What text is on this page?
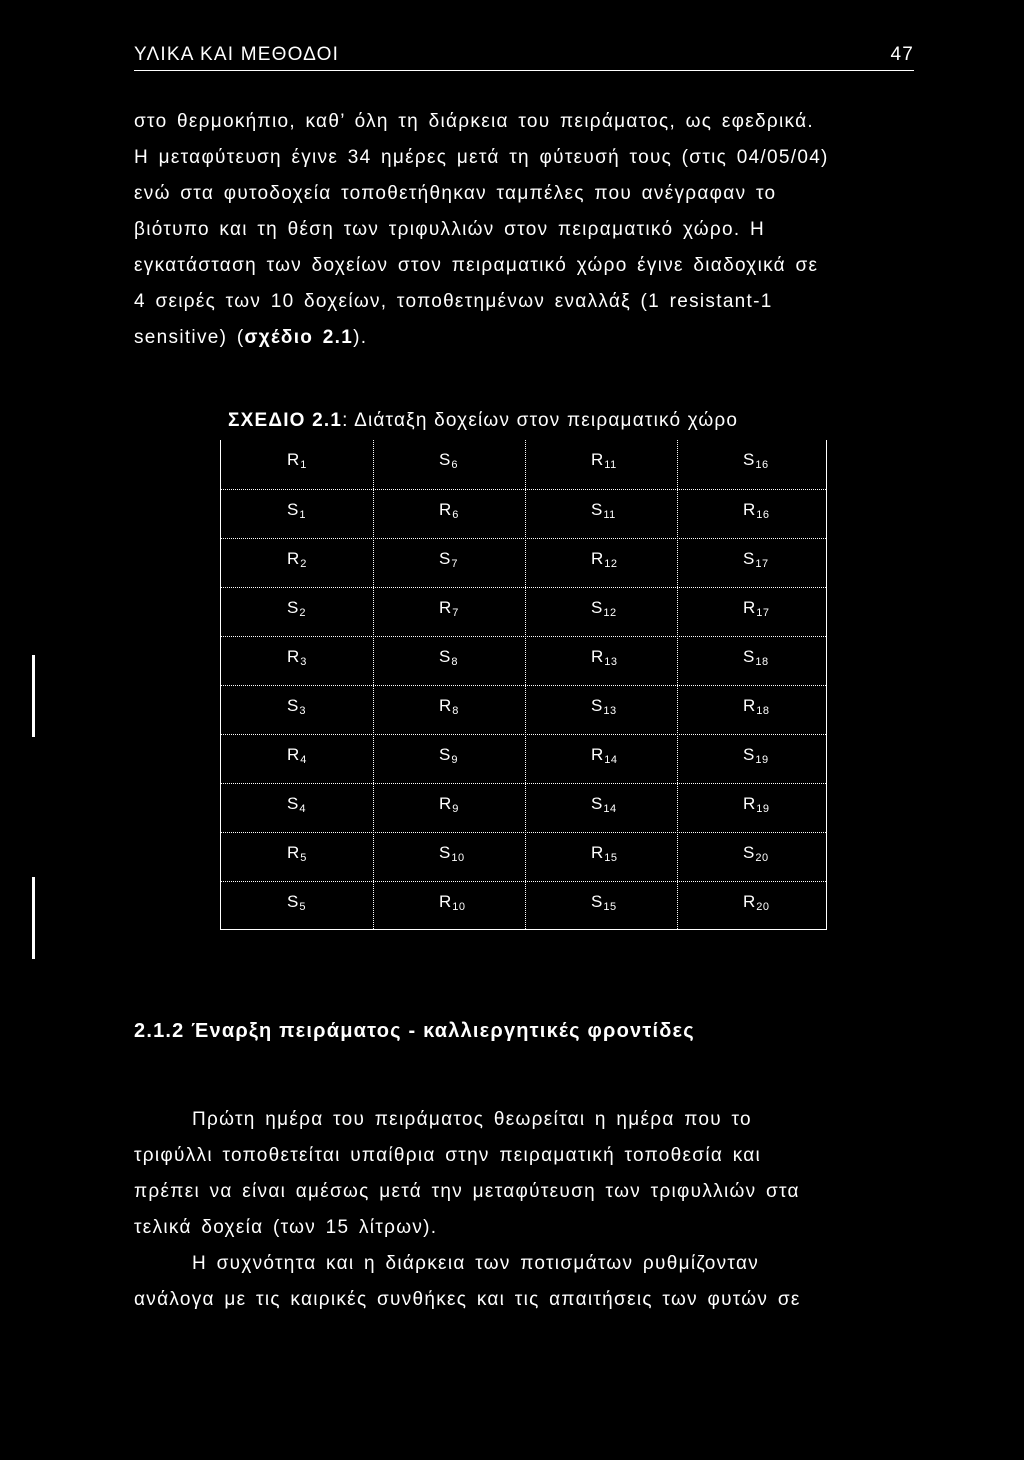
ΥΛΙΚΑ ΚΑΙ ΜΕΘΟΔΟΙ	47

στο θερμοκήπιο, καθ’ όλη τη διάρκεια του πειράματος, ως εφεδρικά.

Η μεταφύτευση έγινε 34 ημέρες μετά τη φύτευσή τους (στις 04/05/04)

ενώ στα φυτοδοχεία τοποθετήθηκαν ταμπέλες που ανέγραφαν το

βιότυπο και τη θέση των τριφυλλιών στον πειραματικό χώρο. Η

εγκατάσταση των δοχείων στον πειραματικό χώρο έγινε διαδοχικά σε

4 σειρές των 10 δοχείων, τοποθετημένων εναλλάξ (1 resistant-1

sensitive) (σχέδιο 2.1).

ΣΧΕΔΙΟ 2.1: Διάταξη δοχείων στον πειραματικό χώρο
$R_1$	$S_6$	$R_{11}$	$S_{16}$
$S_1$	$R_6$	$S_{11}$	$R_{16}$
$R_2$	$S_7$	$R_{12}$	$S_{17}$
$S_2$	$R_7$	$S_{12}$	$R_{17}$
$R_3$	$S_8$	$R_{13}$	$S_{18}$
$S_3$	$R_8$	$S_{13}$	$R_{18}$
$R_4$	$S_9$	$R_{14}$	$S_{19}$
$S_4$	$R_9$	$S_{14}$	$R_{19}$
$R_5$	$S_{10}$	$R_{15}$	$S_{20}$
$S_5$	$R_{10}$	$S_{15}$	$R_{20}$
2.1.2 Έναρξη πειράματος - καλλιεργητικές φροντίδες

Πρώτη ημέρα του πειράματος θεωρείται η ημέρα που το

τριφύλλι τοποθετείται υπαίθρια στην πειραματική τοποθεσία και

πρέπει να είναι αμέσως μετά την μεταφύτευση των τριφυλλιών στα

τελικά δοχεία (των 15 λίτρων).

Η συχνότητα και η διάρκεια των ποτισμάτων ρυθμίζονταν

ανάλογα με τις καιρικές συνθήκες και τις απαιτήσεις των φυτών σε
